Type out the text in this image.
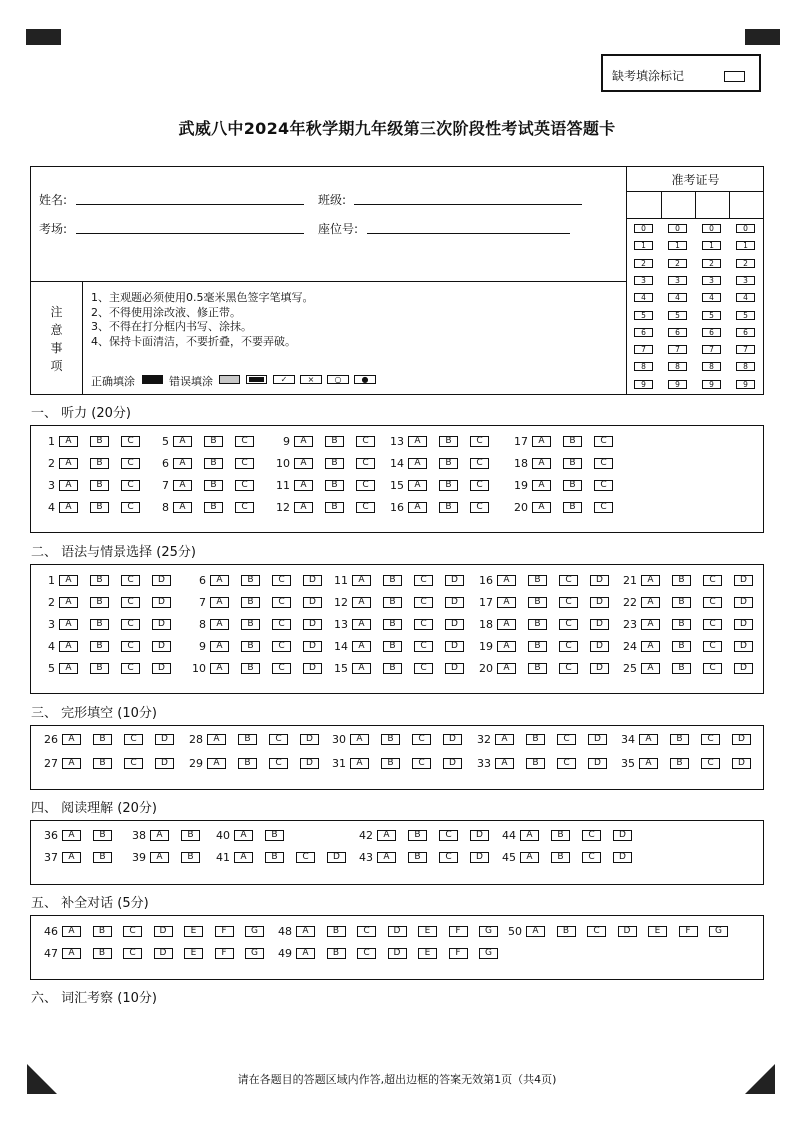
缺考填涂标记
武威八中2024年秋学期九年级第三次阶段性考试英语答题卡
姓名:	班级:
考场:	座位号:
注
意
事
项
1、主观题必须使用0.5毫米黑色签字笔填写。
2、不得使用涂改液、修正带。
3、不得在打分框内书写、涂抹。
4、保持卡面清洁，不要折叠，不要弄破。
正确填涂	错误填涂	✓	×	○	●
准考证号
0	0	0	0
1	1	1	1
2	2	2	2
3	3	3	3
4	4	4	4
5	5	5	5
6	6	6	6
7	7	7	7
8	8	8	8
9	9	9	9
一、 听力 (20分)
1	A	B	C
2	A	B	C
3	A	B	C
4	A	B	C
5	A	B	C
6	A	B	C
7	A	B	C
8	A	B	C
9	A	B	C
10	A	B	C
11	A	B	C
12	A	B	C
13	A	B	C
14	A	B	C
15	A	B	C
16	A	B	C
17	A	B	C
18	A	B	C
19	A	B	C
20	A	B	C
二、 语法与情景选择 (25分)
1	A	B	C	D
2	A	B	C	D
3	A	B	C	D
4	A	B	C	D
5	A	B	C	D
6	A	B	C	D
7	A	B	C	D
8	A	B	C	D
9	A	B	C	D
10	A	B	C	D
11	A	B	C	D
12	A	B	C	D
13	A	B	C	D
14	A	B	C	D
15	A	B	C	D
16	A	B	C	D
17	A	B	C	D
18	A	B	C	D
19	A	B	C	D
20	A	B	C	D
21	A	B	C	D
22	A	B	C	D
23	A	B	C	D
24	A	B	C	D
25	A	B	C	D
三、 完形填空 (10分)
26	A	B	C	D
27	A	B	C	D
28	A	B	C	D
29	A	B	C	D
30	A	B	C	D
31	A	B	C	D
32	A	B	C	D
33	A	B	C	D
34	A	B	C	D
35	A	B	C	D
四、 阅读理解 (20分)
36	A	B
37	A	B
38	A	B
39	A	B
40	A	B
41	A	B	C	D
42	A	B	C	D
43	A	B	C	D
44	A	B	C	D
45	A	B	C	D
五、 补全对话 (5分)
46	A	B	C	D	E	F	G
47	A	B	C	D	E	F	G
48	A	B	C	D	E	F	G
49	A	B	C	D	E	F	G
50	A	B	C	D	E	F	G
六、 词汇考察 (10分)
请在各题目的答题区域内作答,超出边框的答案无效第1页（共4页)
